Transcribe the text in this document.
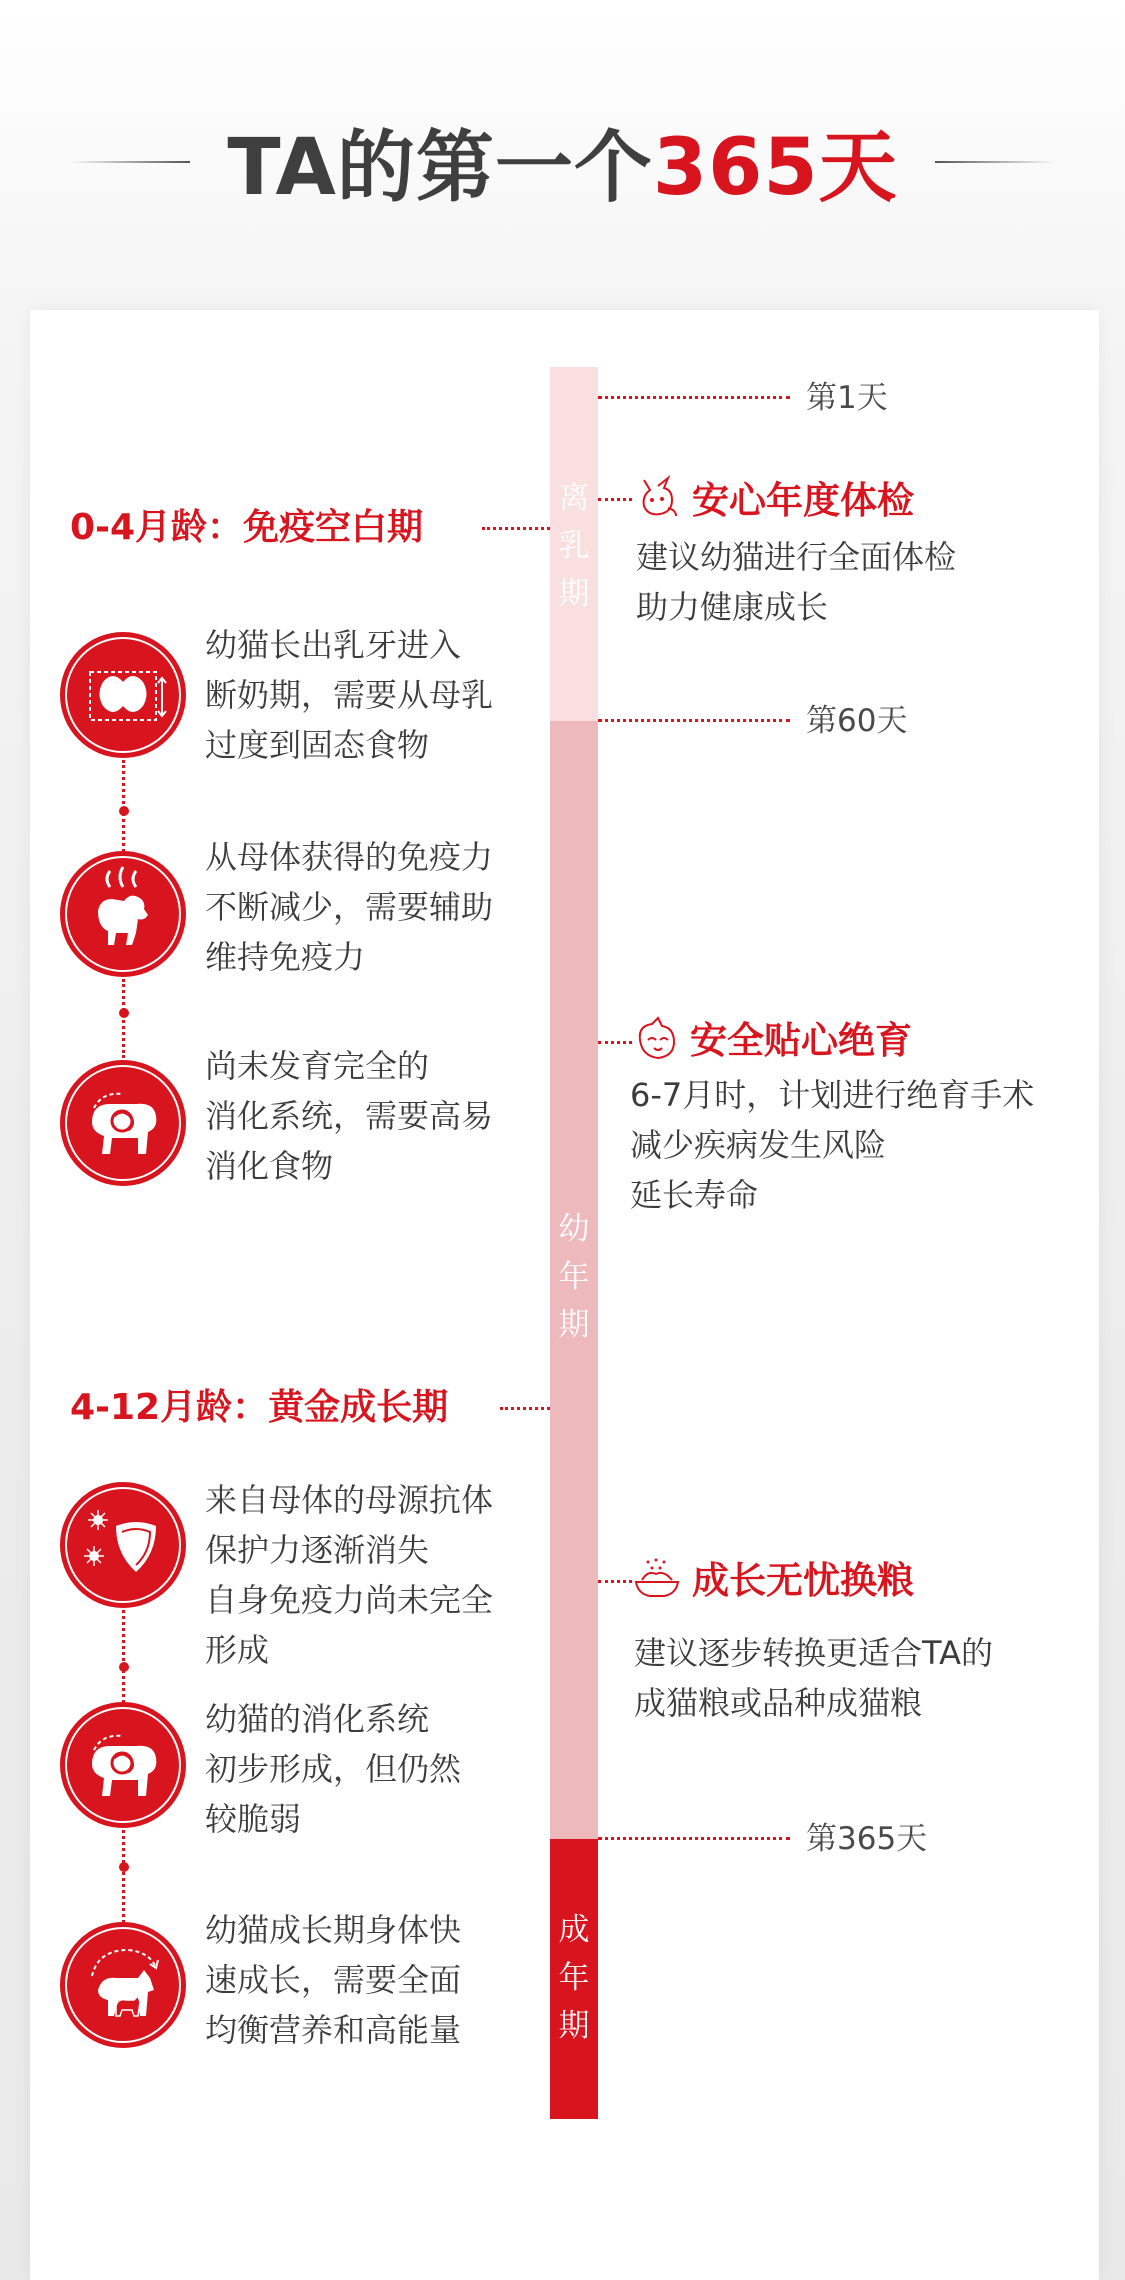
TA的第一个365天
离
乳
期
幼
年
期
成
年
期
第1天
第60天
第365天
0-4月龄：免疫空白期
4-12月龄：黄金成长期
幼猫长出乳牙进入
断奶期，需要从母乳
过度到固态食物
从母体获得的免疫力
不断减少，需要辅助
维持免疫力
尚未发育完全的
消化系统，需要高易
消化食物
来自母体的母源抗体
保护力逐渐消失
自身免疫力尚未完全
形成
幼猫的消化系统
初步形成，但仍然
较脆弱
幼猫成长期身体快
速成长，需要全面
均衡营养和高能量
安心年度体检
建议幼猫进行全面体检
助力健康成长
安全贴心绝育
6-7月时，计划进行绝育手术
减少疾病发生风险
延长寿命
成长无忧换粮
建议逐步转换更适合TA的
成猫粮或品种成猫粮
